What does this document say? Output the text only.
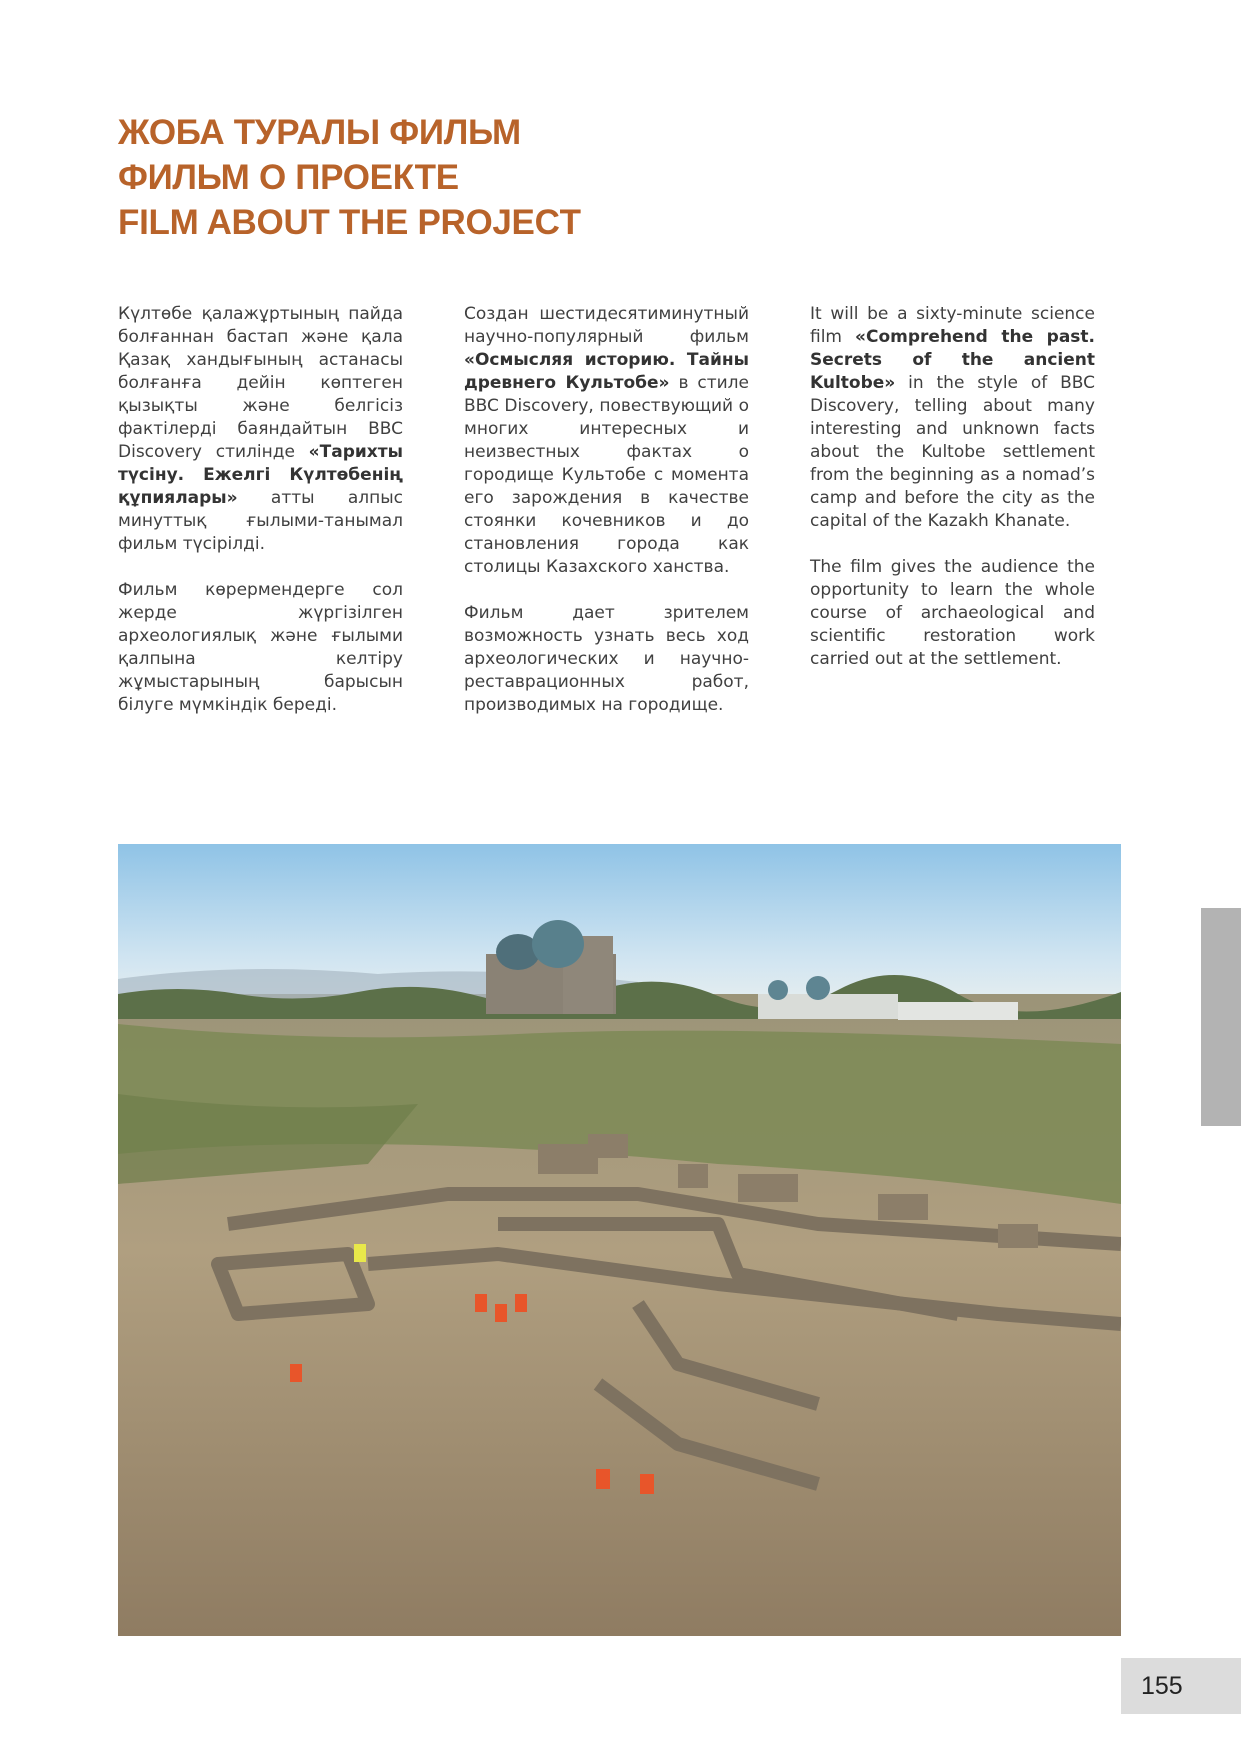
ЖОБА ТУРАЛЫ ФИЛЬМ
ФИЛЬМ О ПРОЕКТЕ
FILM ABOUT THE PROJECT

Күлтөбе қалажұртының пайда болғаннан бастап және қала Қазақ хандығының астанасы болғанға дейін көптеген қызықты және белгісіз фактілерді баяндайтын BBC Discovery стилінде «Тарихты түсіну. Ежелгі Күлтөбенің құпиялары» атты алпыс минуттық ғылыми-танымал фильм түсірілді.

Фильм көрермендерге сол жерде жүргізілген археологиялық және ғылыми қалпына келтіру жұмыстарының барысын білуге мүмкіндік береді.

Создан шестидесятиминутный научно-популярный фильм «Осмысляя историю. Тайны древнего Культобе» в стиле BBC Discovery, повествующий о многих интересных и неизвестных фактах о городище Культобе с момента его зарождения в качестве стоянки кочевников и до становления города как столицы Казахского ханства.

Фильм дает зрителем возможность узнать весь ход археологических и научно-реставрационных работ, производимых на городище.

It will be a sixty-minute science film «Comprehend the past. Secrets of the ancient Kultobe» in the style of BBC Discovery, telling about many interesting and unknown facts about the Kultobe settlement from the beginning as a nomad’s camp and before the city as the capital of the Kazakh Khanate.

The film gives the audience the opportunity to learn the whole course of archaeological and scientific restoration work carried out at the settlement.

155
